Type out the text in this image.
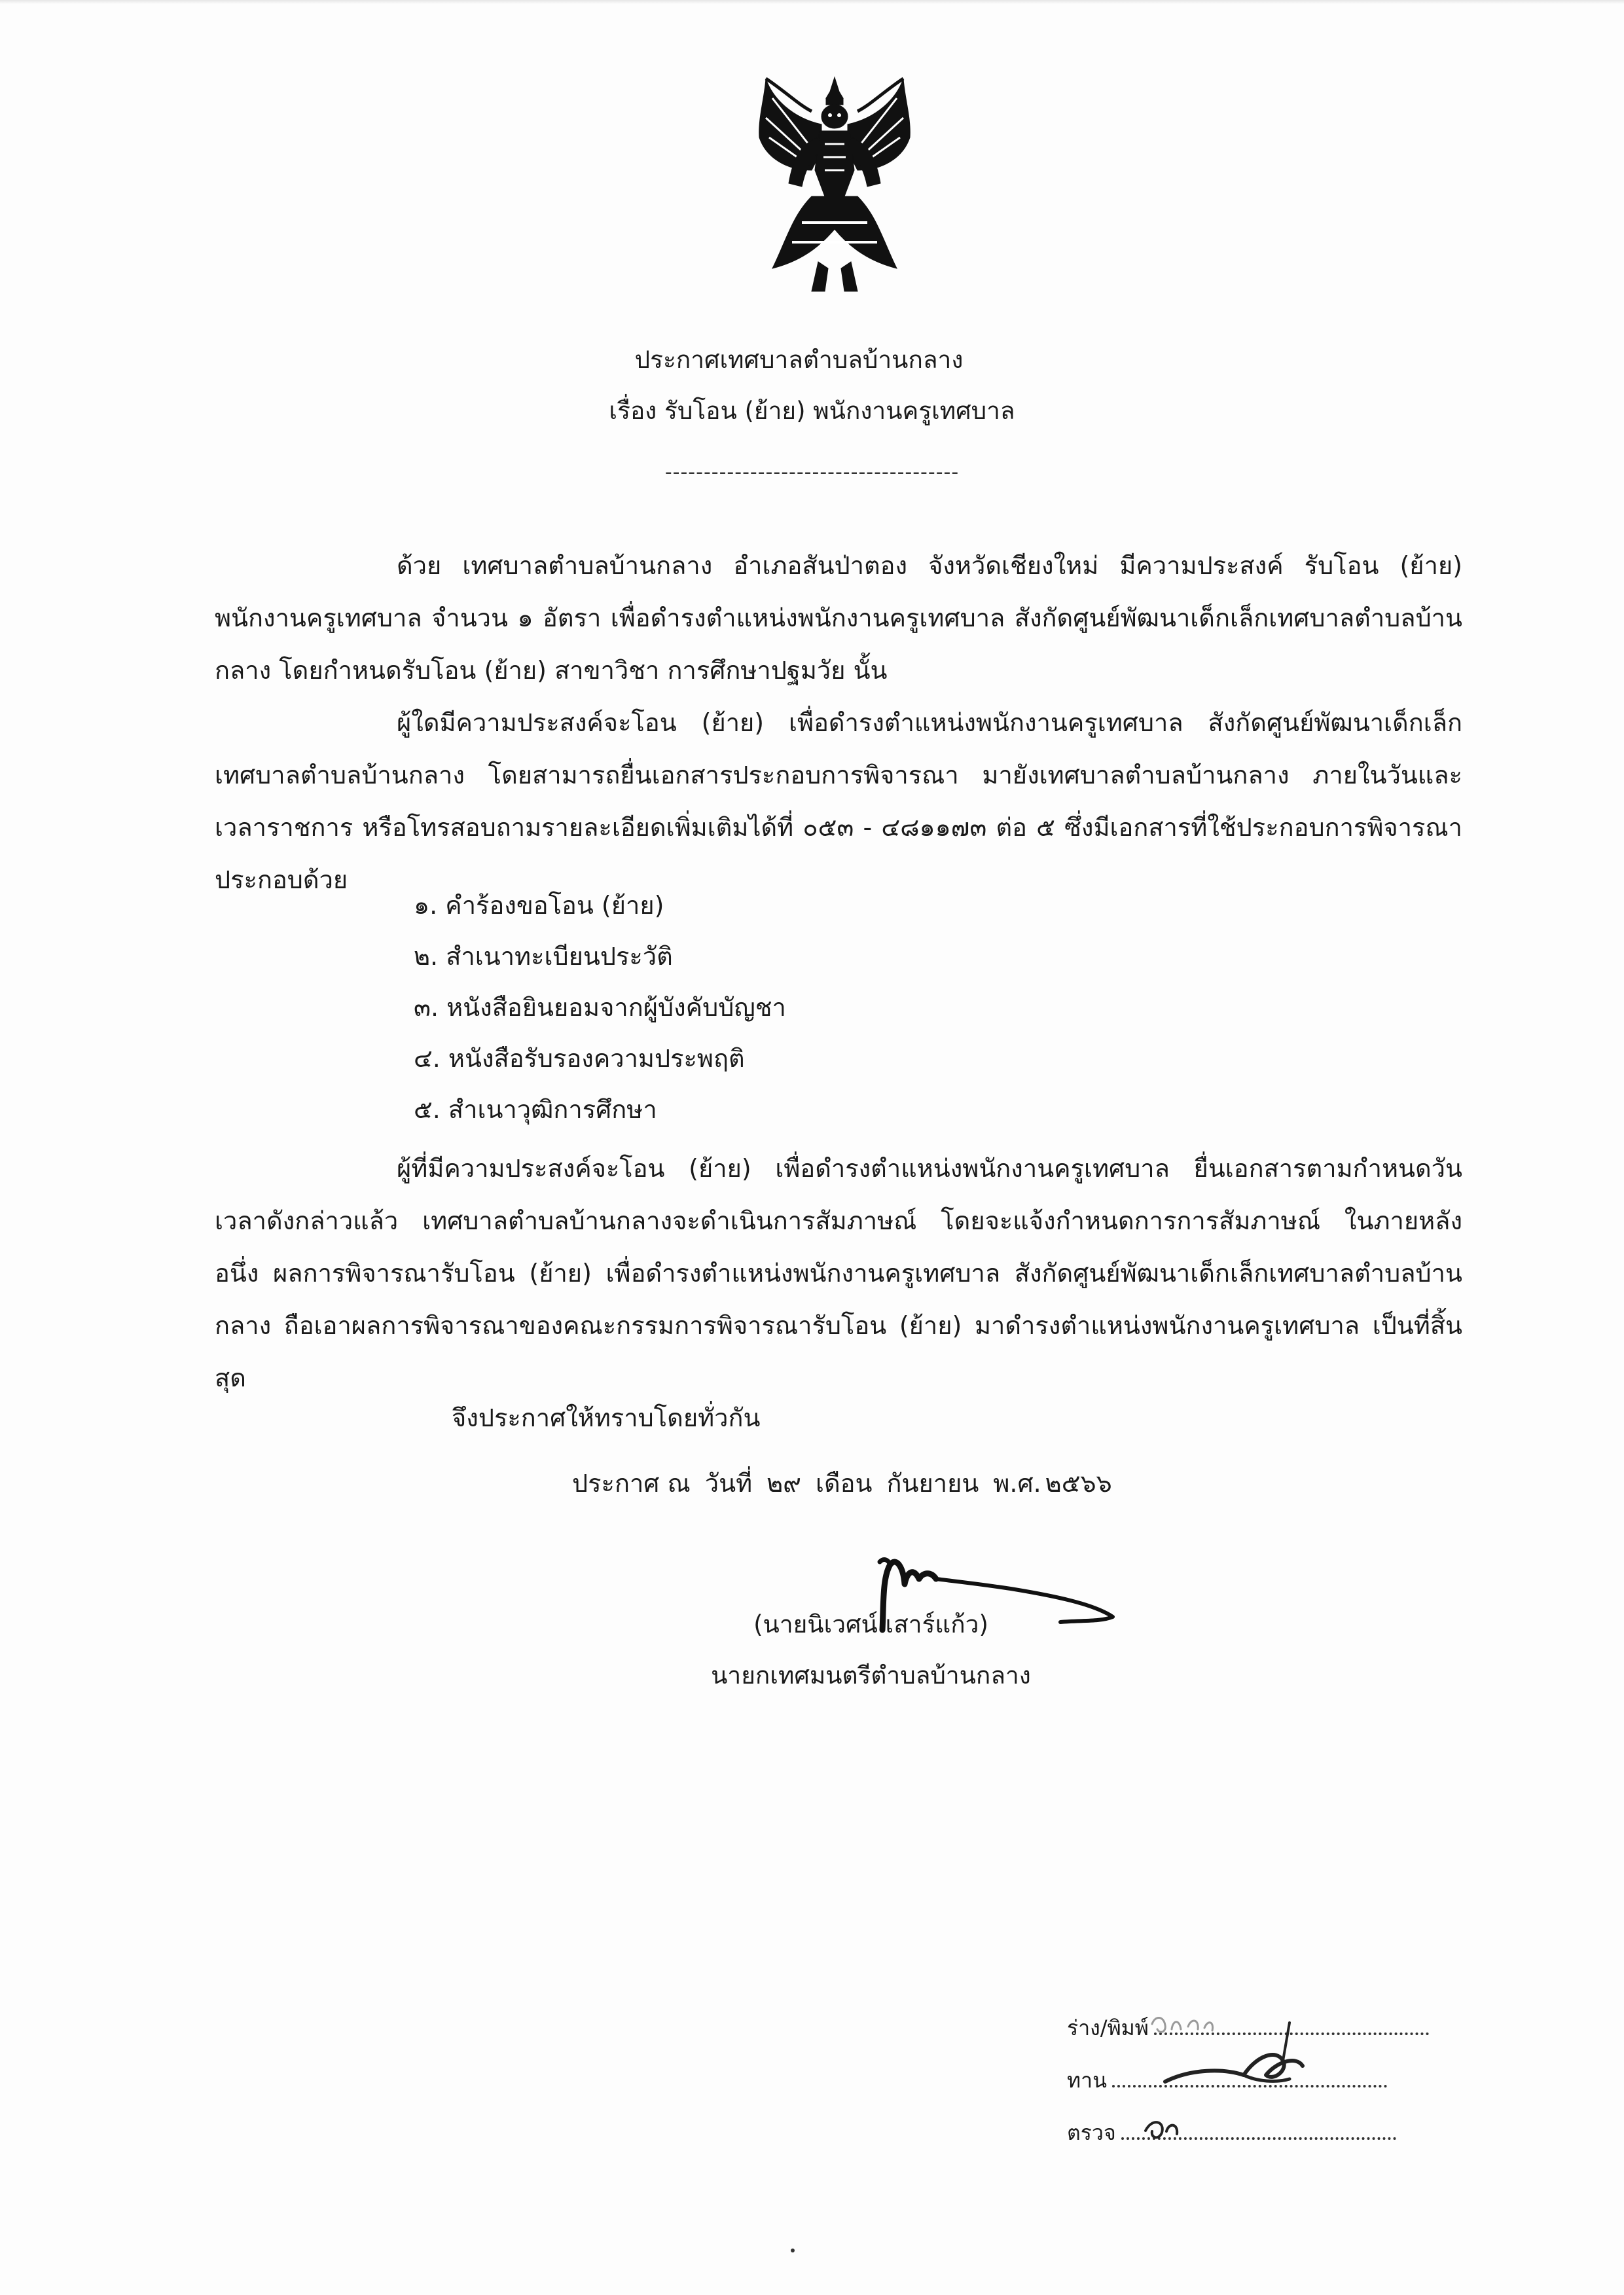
ประกาศเทศบาลตำบลบ้านกลาง
เรื่อง รับโอน (ย้าย) พนักงานครูเทศบาล
--------------------------------------

ด้วย เทศบาลตำบลบ้านกลาง อำเภอสันป่าตอง จังหวัดเชียงใหม่ มีความประสงค์ รับโอน (ย้าย) พนักงานครูเทศบาล จำนวน ๑ อัตรา เพื่อดำรงตำแหน่งพนักงานครูเทศบาล สังกัดศูนย์พัฒนาเด็กเล็กเทศบาลตำบลบ้านกลาง โดยกำหนดรับโอน (ย้าย) สาขาวิชา การศึกษาปฐมวัย นั้น

ผู้ใดมีความประสงค์จะโอน (ย้าย) เพื่อดำรงตำแหน่งพนักงานครูเทศบาล สังกัดศูนย์พัฒนาเด็กเล็กเทศบาลตำบลบ้านกลาง โดยสามารถยื่นเอกสารประกอบการพิจารณา มายังเทศบาลตำบลบ้านกลาง ภายในวันและเวลาราชการ หรือโทรสอบถามรายละเอียดเพิ่มเติมได้ที่ ๐๕๓ - ๔๘๑๑๗๓ ต่อ ๕ ซึ่งมีเอกสารที่ใช้ประกอบการพิจารณา ประกอบด้วย

๑. คำร้องขอโอน (ย้าย)
๒. สำเนาทะเบียนประวัติ
๓. หนังสือยินยอมจากผู้บังคับบัญชา
๔. หนังสือรับรองความประพฤติ
๕. สำเนาวุฒิการศึกษา

ผู้ที่มีความประสงค์จะโอน (ย้าย) เพื่อดำรงตำแหน่งพนักงานครูเทศบาล ยื่นเอกสารตามกำหนดวันเวลาดังกล่าวแล้ว เทศบาลตำบลบ้านกลางจะดำเนินการสัมภาษณ์ โดยจะแจ้งกำหนดการการสัมภาษณ์ ในภายหลัง อนึ่ง ผลการพิจารณารับโอน (ย้าย) เพื่อดำรงตำแหน่งพนักงานครูเทศบาล สังกัดศูนย์พัฒนาเด็กเล็กเทศบาลตำบลบ้านกลาง ถือเอาผลการพิจารณาของคณะกรรมการพิจารณารับโอน (ย้าย) มาดำรงตำแหน่งพนักงานครูเทศบาล เป็นที่สิ้นสุด

จึงประกาศให้ทราบโดยทั่วกัน
ประกาศ ณ วันที่ ๒๙ เดือน กันยายน พ.ศ. ๒๕๖๖
(นายนิเวศน์ เสาร์แก้ว)
นายกเทศมนตรีตำบลบ้านกลาง
ร่าง/พิมพ์
ทาน
ตรวจ
